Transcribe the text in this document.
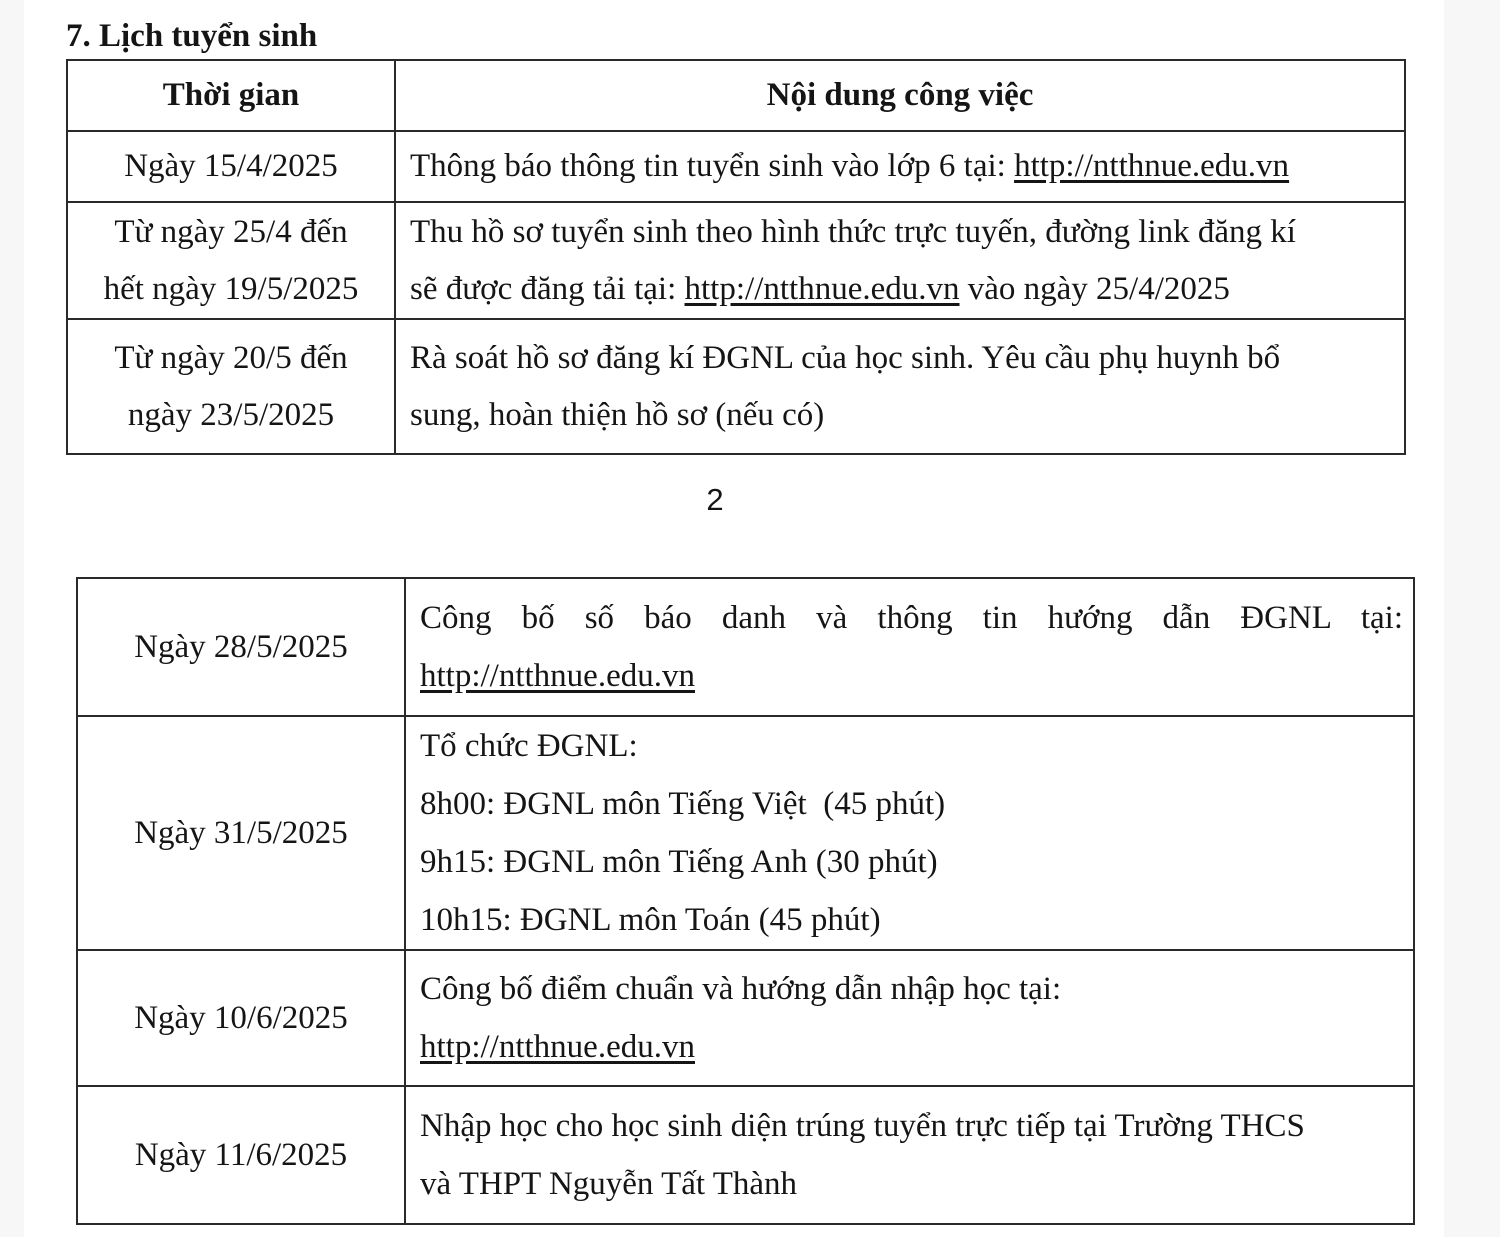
7. Lịch tuyển sinh
Thời gian	Nội dung công việc

Ngày 15/4/2025	Thông báo thông tin tuyển sinh vào lớp 6 tại: http://ntthnue.edu.vn

Từ ngày 25/4 đến
hết ngày 19/5/2025	Thu hồ sơ tuyển sinh theo hình thức trực tuyến, đường link đăng kí
sẽ được đăng tải tại: http://ntthnue.edu.vn vào ngày 25/4/2025

Từ ngày 20/5 đến
ngày 23/5/2025	Rà soát hồ sơ đăng kí ĐGNL của học sinh. Yêu cầu phụ huynh bổ
sung, hoàn thiện hồ sơ (nếu có)
2
Ngày 28/5/2025	Công bố số báo danh và thông tin hướng dẫn ĐGNL tại:
http://ntthnue.edu.vn

Ngày 31/5/2025	Tổ chức ĐGNL:
8h00: ĐGNL môn Tiếng Việt  (45 phút)
9h15: ĐGNL môn Tiếng Anh (30 phút)
10h15: ĐGNL môn Toán (45 phút)

Ngày 10/6/2025	Công bố điểm chuẩn và hướng dẫn nhập học tại:
http://ntthnue.edu.vn

Ngày 11/6/2025	Nhập học cho học sinh diện trúng tuyển trực tiếp tại Trường THCS
và THPT Nguyễn Tất Thành
